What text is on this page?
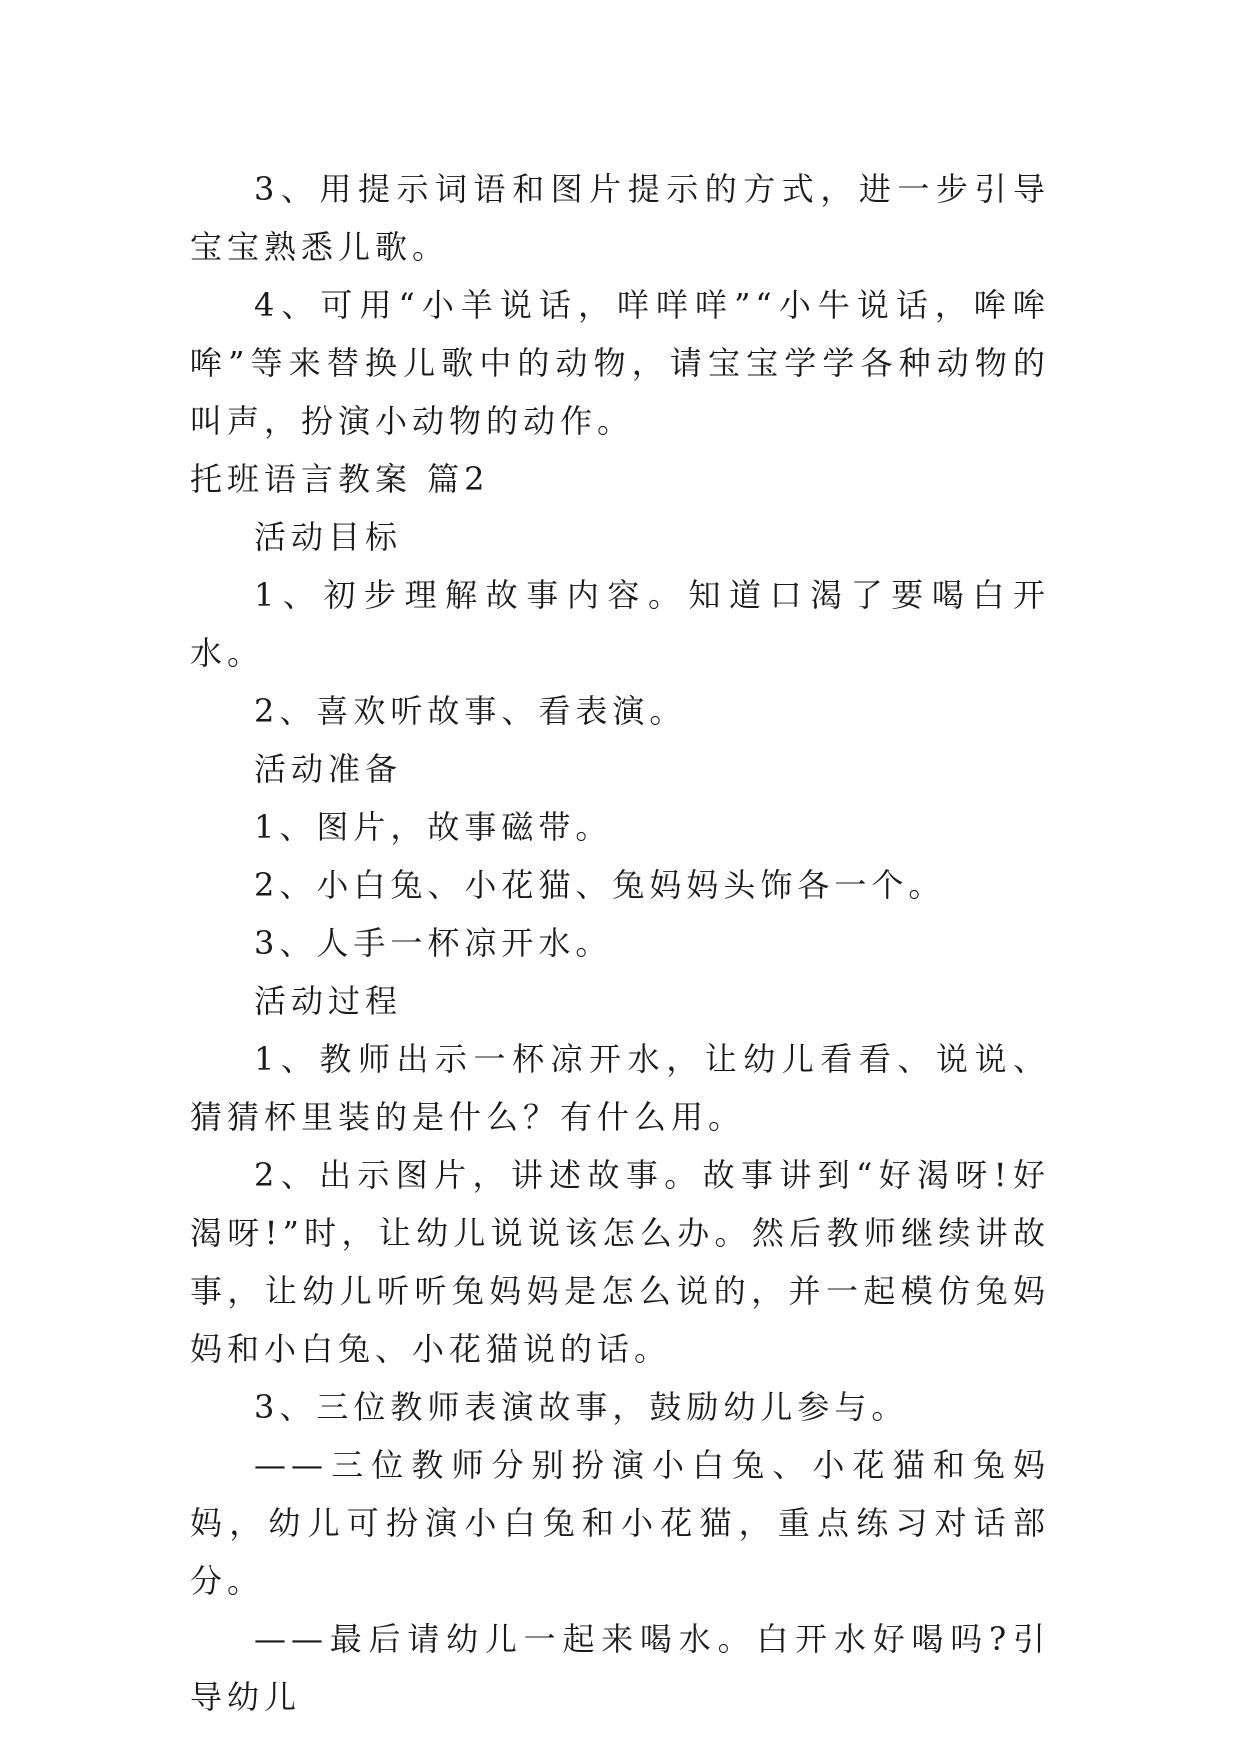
3、用提示词语和图片提示的方式，进一步引导宝宝熟悉儿歌。

4、可用“小羊说话，咩咩咩”“小牛说话，哞哞哞”等来替换儿歌中的动物，请宝宝学学各种动物的叫声，扮演小动物的动作。

托班语言教案 篇2

活动目标

1、初步理解故事内容。知道口渴了要喝白开水。

2、喜欢听故事、看表演。

活动准备

1、图片，故事磁带。

2、小白兔、小花猫、兔妈妈头饰各一个。

3、人手一杯凉开水。

活动过程

1、教师出示一杯凉开水，让幼儿看看、说说、猜猜杯里装的是什么？有什么用。

2、出示图片，讲述故事。故事讲到“好渴呀!好渴呀!”时，让幼儿说说该怎么办。然后教师继续讲故事，让幼儿听听兔妈妈是怎么说的，并一起模仿兔妈妈和小白兔、小花猫说的话。

3、三位教师表演故事，鼓励幼儿参与。

——三位教师分别扮演小白兔、小花猫和兔妈妈，幼儿可扮演小白兔和小花猫，重点练习对话部分。

——最后请幼儿一起来喝水。白开水好喝吗?引导幼儿
